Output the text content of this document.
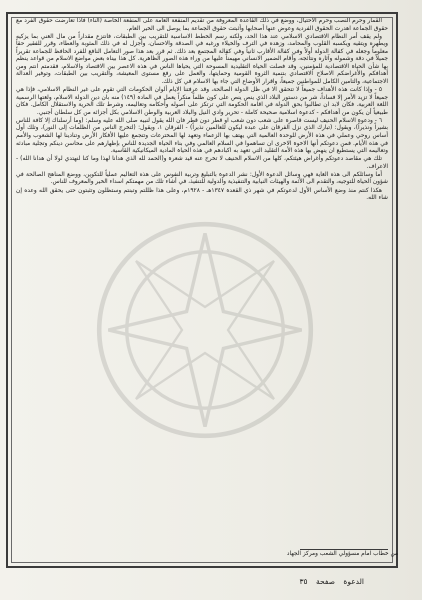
القمار وحرم النصب وحرم الاحتيال، ووضع في ذلك القاعدة المعروفة من تقديم المنفعة العامة على المنفعة الخاصة (الناء) فاذا تعارضت حقوق الفرد مع حقوق الجماعة اهدرت الحقوق الفردية وعوض عنها أصحابها وأثبتت حقوق الجماعة بما يوصل الى الخير العام.

ولم يقف أمر النظام الاقتصادي الاسلامي عند هذا الحد، ولكنه رسم الخطط الاساسية للتقريب بين الطبقات، فانتزع مقداراً من مال الغني بما يزكيه ويطهره ويتقيه ويكسبه القلوب والمحامد، وزهده في الترف والخيلاء ورغبه في الصدقة والاحسان، وأجزل له في ذلك المثوبة والعطاء، وقرر للفقير حقاً معلوماً وجعله في كفالة الدولة أولاً وفي كفالة الأقارب ثانياً وفي كفالة المجتمع بعد ذلك. ثم قرر بعد هذا صور التعامل النافع للفرد الحافظ للجماعة تقريراً جميلاً في دقة وشموله وآثاره ونتائجه، وأقام الضمير الانساني مهيمناً عليها من وراء هذه الصور الظاهرية. كل هذا بيناه بعض مواضع الاسلام من قواعد ينظم بها شأن الحياة الاقتصادية للمؤمنين، وقد فصلت الحياة التقليدية المسوحة التي يحياها الناس في هذه الاعصر بين الاقتصاد والاسلام، فقدمتم انتم ومن أهدافكم والأغراضكم الاصلاح الاقتصادي بتنمية الثروة القومية وحمايتها، والعمل على رفع مستوى المعيشة، والتقريب بين الطبقات، وتوفير العدالة الاجتماعية، والتامين الكامل للمواطنين جميعاً، واقرار الأوضاع التي جاء بها الاسلام في كل ذلك.

٥ - وإذا كانت هذه الأهداف جميعاً لا تتحقق الا في ظل الدولة الصالحة، وقد عرفتنا الايام ألوان الحكومات التي تقوم على غير النظام الاسلامي، فإذا هي جميعاً لا تزيد الأمر إلا فساداً، شر من دستور البلاد الذي ينص ينص على كون ظلماً منكراً يعمل في المادة (١٤٩) منه بان دين الدولة الاسلام، ولغتها الرسمية اللغة العربية. فكان لابد ان تطالبوا بحق الدولة في اقامة الحكومة التي ترتكز على أصوله وأحكامه وتعاليمه، وشرط تلك الحرية والاستقلال الكامل. فكان طبيعياً أن يكون من أهدافكم - كدعوة اسلامية صحيحة كاملة - تحرير وادي النيل والبلاد العربية والوطن الاسلامي بكل أجزائه من كل سلطان أجنبي.

٦ - ودعوة الاسلام الحنيف ليست قاصرة على شعب دون شعب او قطر دون قطر فان الله يقول لنبيه صلى الله عليه وسلم: (وما أرسلناك إلا كافة للناس بشيراً ونذيراً)، ويقول: (تبارك الذي نزل الفرقان على عبده ليكون للعالمين نذيراً) - الفرقان ١، ويقول: (لتخرج الناس من الظلمات إلى النور)، وتلك أول أساس روحي وعملي في هذه الأرض للوحدة العالمية التي يهتف بها الزعماء وتعهد لها المخترعات وتتجمع عليها الأفكار الأرض وتنادينا لها الشعوب والأمم في هذه الأيام. فمن دعوتكم أنها الاخوة الاخرى ان تساهموا في السلام العالمي وفي بناء الحياة الجديدة للناس بإظهارهم على محاسن دينكم وتجلية مبادئه وتعاليمه التي يستطيع ان ينهض بها هذه الأمة التقليد التي تعهد به اكبادهم في هذه الحياة المادية الميكانيكية القاسية.

تلك هي مقاصد دعوتكم وأغراض هيئتكم، كلها من الاسلام الحنيف لا تخرج عنه قيد شعرة و(الحمد لله الذي هدانا لهذا وما كنا لنهتدي لولا أن هدانا الله) - الاعراف.

أما وسائلكم الى هذه الغاية فهي وسائل الدعوة الأول: نشر الدعوة بالتبليغ وتربية النفوس على هذه التعاليم عملياً للتكوين، ووضع المناهج الصالحة في شؤون الحياة للتوجيه، والتقدم الى الأئمة والهيئات النيابية والتنفيذية والدولية للتنفيذ، في أشاء تلك من مهمتكم اسداء الخير والمعروف للناس.

هكذا كنتم منذ وضع الأساس الأول لدعوتكم في شهر ذي القعدة ١٣٤٧هـ - ١٩٢٨م، وعلى هذا ظللتم وتبنتم وستظلون وتثبتون حتى يحقق الله وعده إن شاء الله.

من خطاب امام مسؤولي الشعب ومركز الجهاد
الدعوة صفحة ٣٥
